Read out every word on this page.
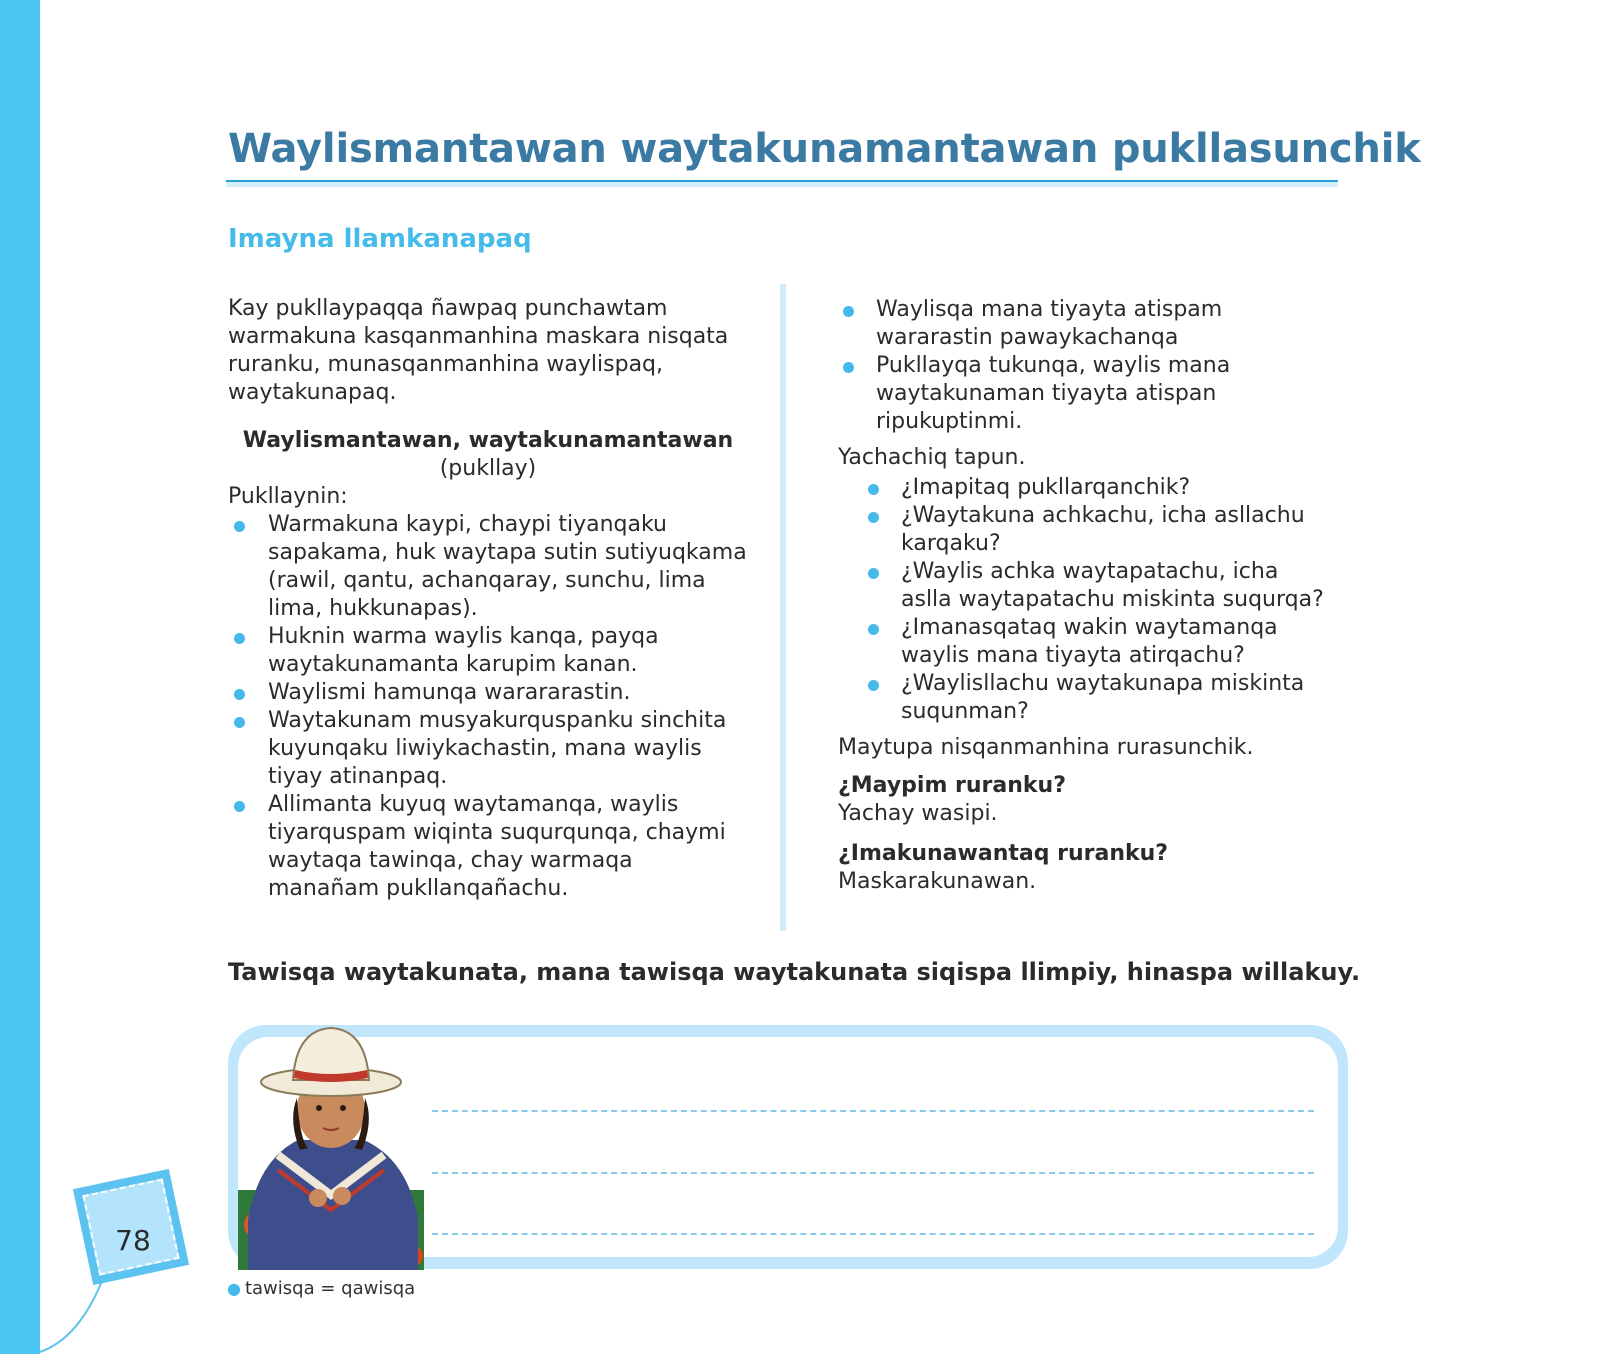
Waylismantawan waytakunamantawan pukllasunchik
Imayna llamkanapaq

Kay pukllaypaqqa ñawpaq punchawtam warmakuna kasqanmanhina maskara nisqata ruranku, munasqanmanhina waylispaq, waytakunapaq.

Waylismantawan, waytakunamantawan

(pukllay)

Pukllaynin:

Warmakuna kaypi, chaypi tiyanqaku sapakama, huk waytapa sutin sutiyuqkama (rawil, qantu, achanqaray, sunchu, lima lima, hukkunapas).
Huknin warma waylis kanqa, payqa waytakunamanta karupim kanan.
Waylismi hamunqa warararastin.
Waytakunam musyakurquspanku sinchita kuyunqaku liwiykachastin, mana waylis tiyay atinanpaq.
Allimanta kuyuq waytamanqa, waylis tiyarquspam wiqinta suqurqunqa, chaymi waytaqa tawinqa, chay warmaqa manañam pukllanqañachu.
Waylisqa mana tiyayta atispam wararastin pawaykachanqa
Pukllayqa tukunqa, waylis mana waytakunaman tiyayta atispan ripukuptinmi.

Yachachiq tapun.

¿Imapitaq pukllarqanchik?
¿Waytakuna achkachu, icha asllachu karqaku?
¿Waylis achka waytapatachu, icha aslla waytapatachu miskinta suqurqa?
¿Imanasqataq wakin waytamanqa waylis mana tiyayta atirqachu?
¿Waylisllachu waytakunapa miskinta suqunman?

Maytupa nisqanmanhina rurasunchik.

¿Maypim ruranku?

Yachay wasipi.

¿Imakunawantaq ruranku?

Maskarakunawan.

Tawisqa waytakunata, mana tawisqa waytakunata siqispa llimpiy, hinaspa willakuy.

78
● tawisqa = qawisqa
